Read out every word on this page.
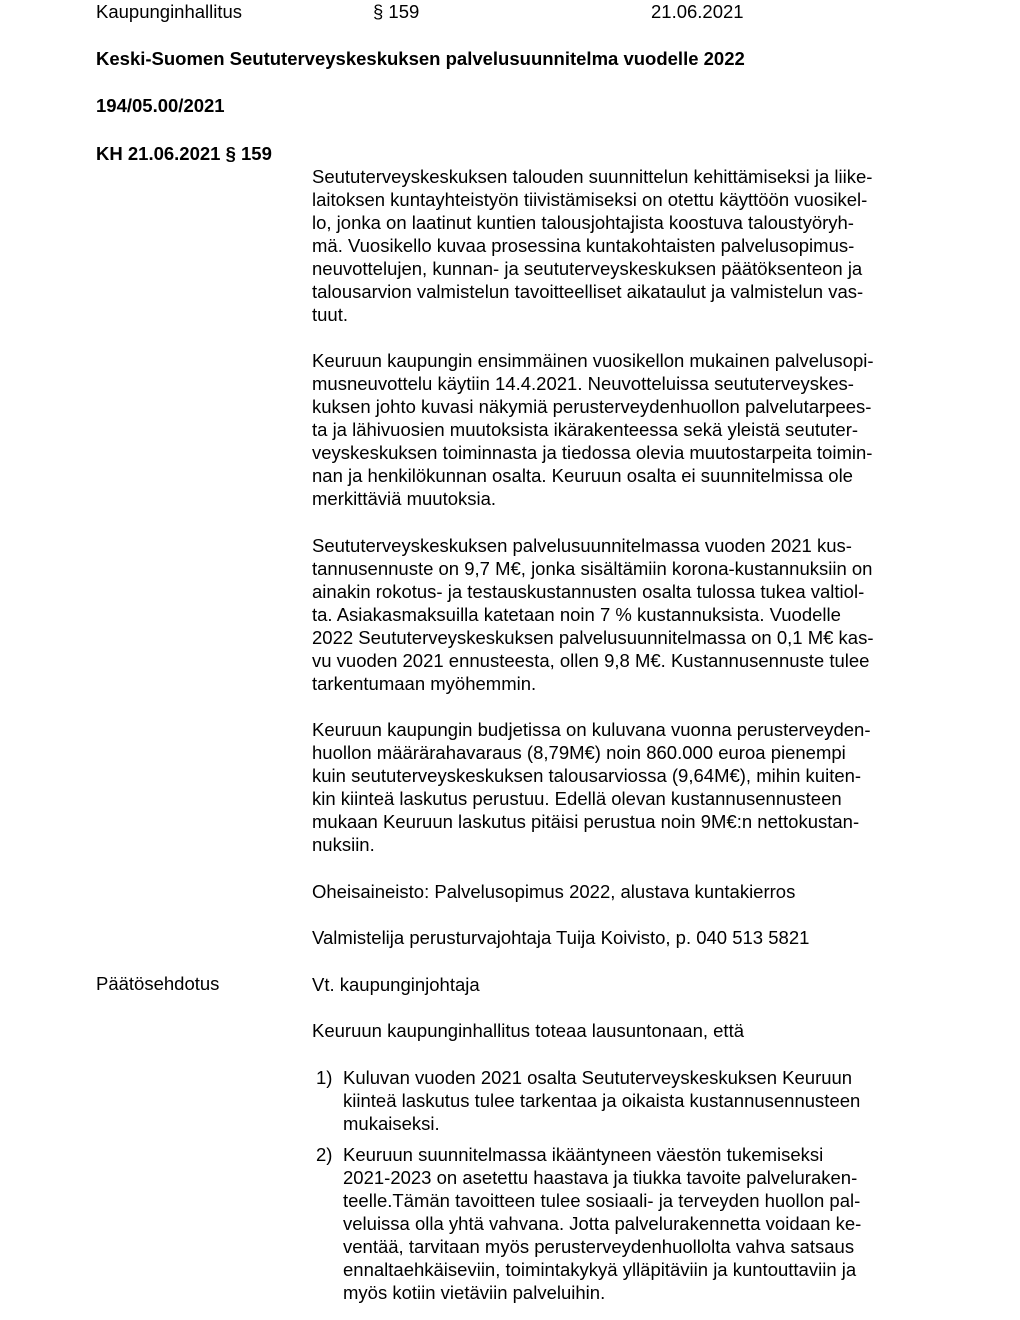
Kaupunginhallitus	§ 159	21.06.2021
Keski-Suomen Seututerveyskeskuksen palvelusuunnitelma vuodelle 2022
194/05.00/2021
KH 21.06.2021 § 159

Seututerveyskeskuksen talouden suunnittelun kehittämiseksi ja liike-
laitoksen kuntayhteistyön tiivistämiseksi on otettu käyttöön vuosikel-
lo, jonka on laatinut kuntien talousjohtajista koostuva taloustyöryh-
mä. Vuosikello kuvaa prosessina kuntakohtaisten palvelusopimus-
neuvottelujen, kunnan- ja seututerveyskeskuksen päätöksenteon ja
talousarvion valmistelun tavoitteelliset aikataulut ja valmistelun vas-
tuut.

Keuruun kaupungin ensimmäinen vuosikellon mukainen palvelusopi-
musneuvottelu käytiin 14.4.2021. Neuvotteluissa seututerveyskes-
kuksen johto kuvasi näkymiä perusterveydenhuollon palvelutarpees-
ta ja lähivuosien muutoksista ikärakenteessa sekä yleistä seututer-
veyskeskuksen toiminnasta ja tiedossa olevia muutostarpeita toimin-
nan ja henkilökunnan osalta. Keuruun osalta ei suunnitelmissa ole
merkittäviä muutoksia.

Seututerveyskeskuksen palvelusuunnitelmassa vuoden 2021 kus-
tannusennuste on 9,7 M€, jonka sisältämiin korona-kustannuksiin on
ainakin rokotus- ja testauskustannusten osalta tulossa tukea valtiol-
ta. Asiakasmaksuilla katetaan noin 7 % kustannuksista. Vuodelle
2022 Seututerveyskeskuksen palvelusuunnitelmassa on 0,1 M€ kas-
vu vuoden 2021 ennusteesta, ollen 9,8 M€. Kustannusennuste tulee
tarkentumaan myöhemmin.

Keuruun kaupungin budjetissa on kuluvana vuonna perusterveyden-
huollon määrärahavaraus (8,79M€) noin 860.000 euroa pienempi
kuin seututerveyskeskuksen talousarviossa (9,64M€), mihin kuiten-
kin kiinteä laskutus perustuu. Edellä olevan kustannusennusteen
mukaan Keuruun laskutus pitäisi perustua noin 9M€:n nettokustan-
nuksiin.

Oheisaineisto: Palvelusopimus 2022, alustava kuntakierros
Valmistelija perusturvajohtaja Tuija Koivisto, p. 040 513 5821
Päätösehdotus	Vt. kaupunginjohtaja
Keuruun kaupunginhallitus toteaa lausuntonaan, että
1) Kuluvan vuoden 2021 osalta Seututerveyskeskuksen Keuruun
kiinteä laskutus tulee tarkentaa ja oikaista kustannusennusteen
mukaiseksi.
2) Keuruun suunnitelmassa ikääntyneen väestön tukemiseksi
2021-2023 on asetettu haastava ja tiukka tavoite palveluraken-
teelle.Tämän tavoitteen tulee sosiaali- ja terveyden huollon pal-
veluissa olla yhtä vahvana. Jotta palvelurakennetta voidaan ke-
ventää, tarvitaan myös perusterveydenhuollolta vahva satsaus
ennaltaehkäiseviin, toimintakykyä ylläpitäviin ja kuntouttaviin ja
myös kotiin vietäviin palveluihin.
